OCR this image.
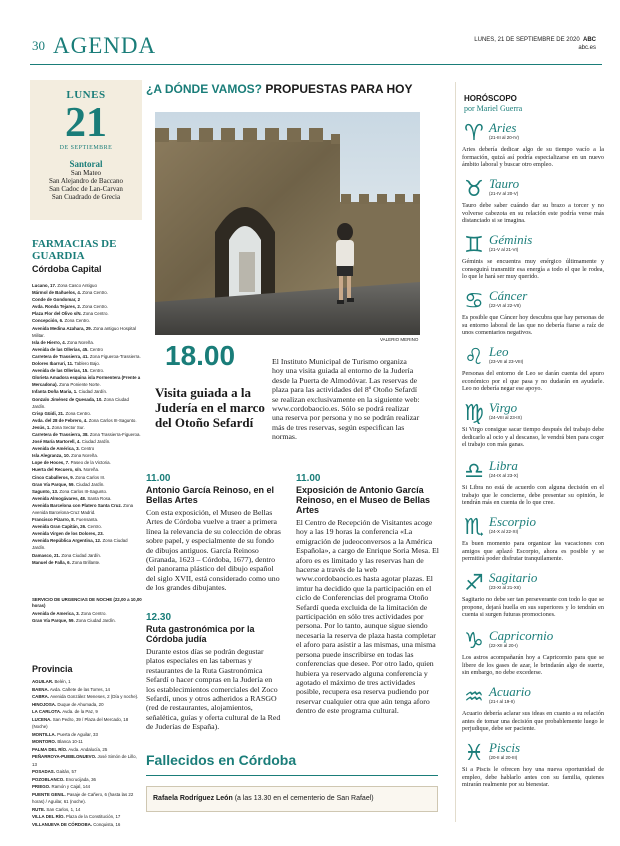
30 AGENDA	LUNES, 21 DE SEPTIEMBRE DE 2020 ABC
abc.es
LUNES
21
DE SEPTIEMBRE
Santoral
San Mateo
San Alejandro de Baccano
San Cadoc de Lan-Carvan
San Cuadrado de Grecia
FARMACIAS DE GUARDIA
Córdoba Capital
Lucano, 17. Zona Casco Antiguo
Mármol de Bañuelos, 4. Zona Centro.
Conde de Gondomar, 2
Avda. Ronda Tejares, 2. Zona Centro.
Plaza Flor del Olivo s/N. Zona Centro.
Concepción, 6. Zona Centro.
Avenida Medina Azahara, 29. Zona antiguo Hospital Militar.
Isla de Hierro, 4. Zona Noreña.
Avenida de las Ollerías, 45. Centro
Carretera de Trassierra, 41. Zona Figueroa-Trassierra.
Dolores Ibarruri, 11. Tablero Bajo.
Avenida de las Ollerías, 15. Centro.
Glorieta Amadora esquina isla Formentera (Frente a Mercadona). Zona Poniente Norte.
Infanta Doña Maria, 1. Ciudad Jardín.
Gonzalo Jiménez de Quesada, 10. Zona Ciudad Jardín.
Crisp Güidi, 21. Zona Centro.
Avda. del 28 de Febrero, 4. Zona Carlos III-Sagunto.
Jesús, 1. Zona Sector Sur.
Carretera de Trassierra, 38. Zona Trassierra-Figueroa.
José María Martorell, 4. Ciudad Jardín.
Avenida de América, 3. Centro
Isla Alegranza, 10. Zona Noreña.
Lope de Hoces, 7. Paseo de la Victoria.
Huerta del Recuero, s/n. Noreña.
Cinco Caballeros, 9. Zona Carlos III.
Gran Vía Parque, 59. Ciudad Jardín.
Sagunto, 13. Zona Carlos III-Sagunto.
Avenida Almogávares, 48. Santa Rosa.
Avenida Barcelona con Platero Santa Cruz. Zona Avenida Barcelona-Cruz Madrid.
Francisco Pizarro, 8. Fuensanta.
Avenida Gran Capitán, 26. Centro.
Avenida Virgen de los Dolores, 23.
Avenida República Argentina, 12. Zona Ciudad Jardín.
Damasco, 21. Zona Ciudad Jardín.
Manuel de Falla, 6. Zona Brillante.
SERVICIO DE URGENCIAS DE NOCHE (22,00 a 10,00 horas)
Avenida de America, 3. Zona Centro.
Gran Vía Parque, 59. Zona Ciudad Jardín.
Provincia
AGUILAR. Belén, 1
BAENA. Avda. Cañete de las Torres, 14
CABRA. Avenida González Meneses, 2 (Día y noche).
HINOJOSA. Duque de Ahumada, 20
LA CARLOTA. Avda. de la Paz, 9
LUCENA. San Pedro, 39 / Plaza del Mercado, 18 (Noche)
MONTILLA. Puerta de Aguilar, 33
MONTORO. Blanca 10-11
PALMA DEL RÍO. Avda. Andalucía, 25
PEÑARROYA-PUEBLONUEVO. José Simón de Lillo, 13
POSADAS. Gaitán, 57
POZOBLANCO. Encrucijada, 36
PRIEGO. Ramón y Cajal, 144
PUENTE GENIL. Pasaje de Cañero, 6 (hasta las 22 horas) / Aguilar, 61 (noche).
RUTE. San Carlos, 1, 14
VILLA DEL RÍO. Plaza de la Constitución, 17
VILLANUEVA DE CÓRDOBA. Conquista, 16
¿A DÓNDE VAMOS? PROPUESTAS PARA HOY
VALERIO MERINO
18.00
Visita guiada a la Judería en el marco del Otoño Sefardí
El Instituto Municipal de Turismo organiza hoy una visita guiada al entorno de la Judería desde la Puerta de Almodóvar. Las reservas de plaza para las actividades del 8º Otoño Sefardí se realizan exclusivamente en la siguiente web: www.cordobaocio.es. Sólo se podrá realizar una reserva por persona y no se podrán realizar más de tres reservas, según especifican las normas.
11.00
Antonio García Reinoso, en el Bellas Artes
Con esta exposición, el Museo de Bellas Artes de Córdoba vuelve a traer a primera línea la relevancia de su colección de obras sobre papel, y especialmente de su fondo de dibujos antiguos. García Reinoso (Granada, 1623 – Córdoba, 1677), dentro del panorama plástico del dibujo español del siglo XVII, está considerado como uno de los grandes dibujantes.
12.30
Ruta gastronómica por la Córdoba judía
Durante estos días se podrán degustar platos especiales en las tabernas y restaurantes de la Ruta Gastronómica Sefardí o hacer compras en la Judería en los establecimientos comerciales del Zoco Sefardí, unos y otros adheridos a RASGO (red de restaurantes, alojamientos, señalética, guías y oferta cultural de la Red de Juderías de España).
11.00
Exposición de Antonio García Reinoso, en el Museo de Bellas Artes
El Centro de Recepción de Visitantes acoge hoy a las 19 horas la conferencia «La emigración de judeoconversos a la América Española», a cargo de Enrique Soria Mesa. El aforo es es limitado y las reservas han de hacerse a través de la web www.cordobaocio.es hasta agotar plazas. El imtur ha decidido que la participación en el ciclo de Conferencias del programa Otoño Sefardí queda excluida de la limitación de participación en sólo tres actividades por persona. Por lo tanto, aunque sigue siendo necesaria la reserva de plaza hasta completar el aforo para asistir a las mismas, una misma persona puede inscribirse en todas las conferencias que desee. Por otro lado, quien hubiera ya reservado alguna conferencia y agotado el máximo de tres actividades posible, recupera esa reserva pudiendo por reservar cualquier otra que aún tenga aforo dentro de este programa cultural.
Fallecidos en Córdoba
Rafaela Rodríguez León (a las 13.30 en el cementerio de San Rafael)
HORÓSCOPO
por Mariel Guerra
♈ Aries
(21-III al 20-IV)
Aries debería dedicar algo de su tiempo vacío a la formación, quizá así podría especializarse en un nuevo ámbito laboral y buscar otro empleo.
♉ Tauro
(21-IV al 20-V)
Tauro debe saber cuándo dar su brazo a torcer y no volverse cabezota en su relación este podría verse más distanciado si se imagina.
♊ Géminis
(21-V al 21-VI)
Géminis se encuentra muy enérgico últimamente y conseguirá transmitir esa energía a todo el que le rodea, lo que le hará ser muy querido.
♋ Cáncer
(22-VI al 22-VII)
Es posible que Cáncer hoy descubra que hay personas de su entorno laboral de las que no debería fiarse a raíz de unos comentarios negativos.
♌ Leo
(23-VII al 23-VIII)
Personas del entorno de Leo se darán cuenta del apuro económico por el que pasa y no dudarán en ayudarle. Leo no debería negar ese apoyo.
♍ Virgo
(24-VIII al 23-IX)
Si Virgo consigue sacar tiempo después del trabajo debe dedicarlo al ocio y al descanso, le vendrá bien para coger el trabajo con más ganas.
♎ Libra
(24-IX al 23-X)
Si Libra no está de acuerdo con alguna decisión en el trabajo que le concierne, debe presentar su opinión, le tendrán más en cuenta de lo que cree.
♏ Escorpio
(24-X al 22-XI)
Es buen momento para organizar las vacaciones con amigos que aplazó Escorpio, ahora es posible y se permitirá poder disfrutar tranquilamente.
♐ Sagitario
(23-XI al 21-XII)
Sagitario no debe ser tan perseverante con todo lo que se propone, dejará huella en sus superiores y lo tendrán en cuenta si surgen futuras promociones.
♑ Capricornio
(22-XII al 20-I)
Los astros acompañarán hoy a Capricornio para que se libere de los gases de azar, le brindarán algo de suerte, sin embargo, no debe excederse.
♒ Acuario
(21-I al 19-II)
Acuario debería aclarar sus ideas en cuanto a su relación antes de tomar una decisión que probablemente luego le perjudique, debe ser paciente.
♓ Piscis
(20-II al 20-III)
Si a Piscis le ofrecen hoy una nueva oportunidad de empleo, debe hablarlo antes con su familia, quienes mirarán realmente por su bienestar.
